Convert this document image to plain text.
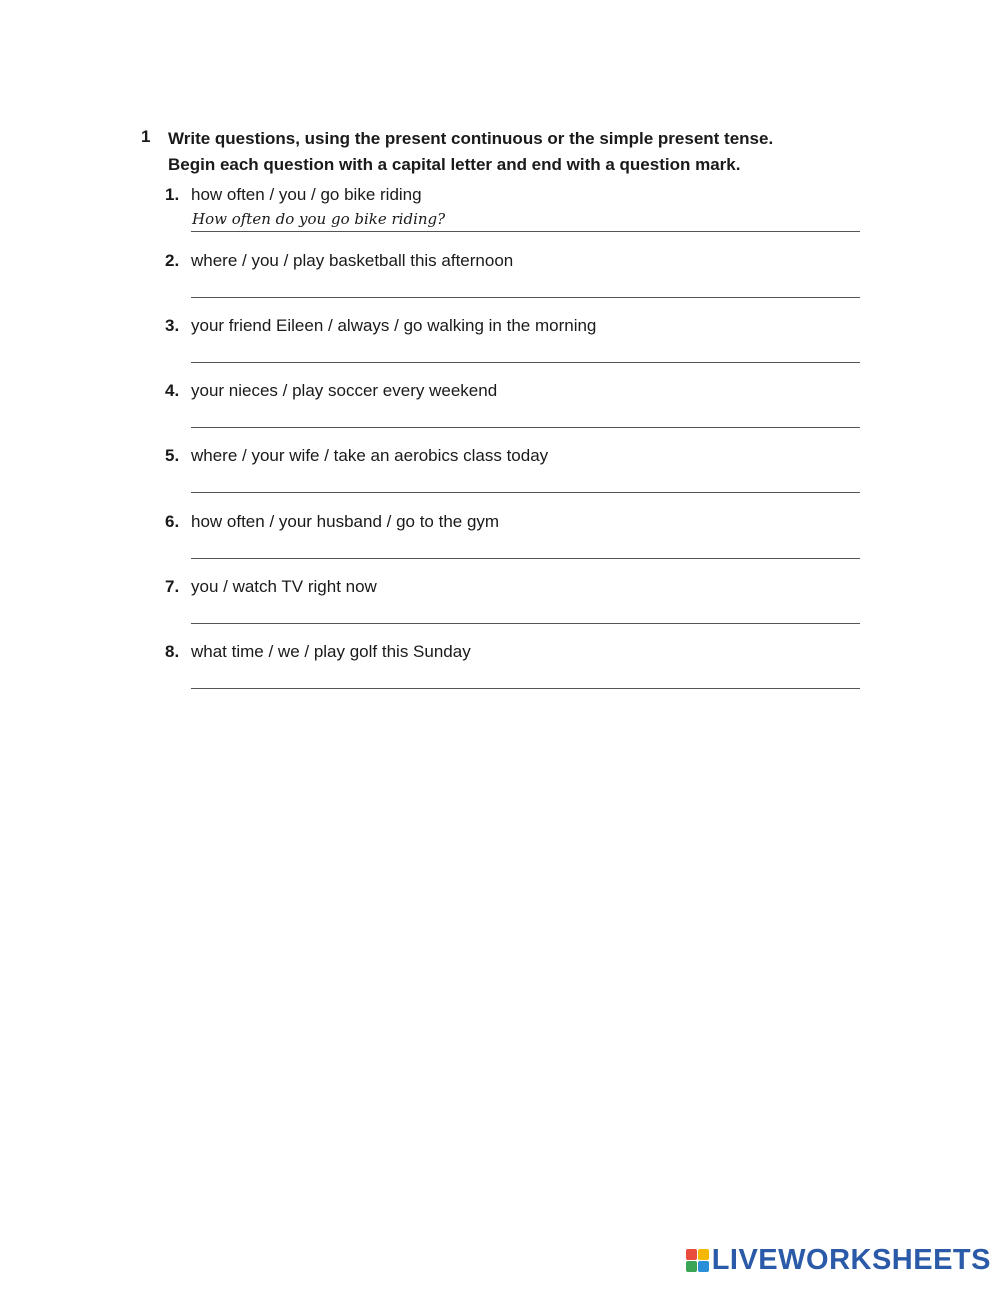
1 Write questions, using the present continuous or the simple present tense.
Begin each question with a capital letter and end with a question mark.
1. how often / you / go bike riding
How often do you go bike riding?
2. where / you / play basketball this afternoon
3. your friend Eileen / always / go walking in the morning
4. your nieces / play soccer every weekend
5. where / your wife / take an aerobics class today
6. how often / your husband / go to the gym
7. you / watch TV right now
8. what time / we / play golf this Sunday
LIVEWORKSHEETS
